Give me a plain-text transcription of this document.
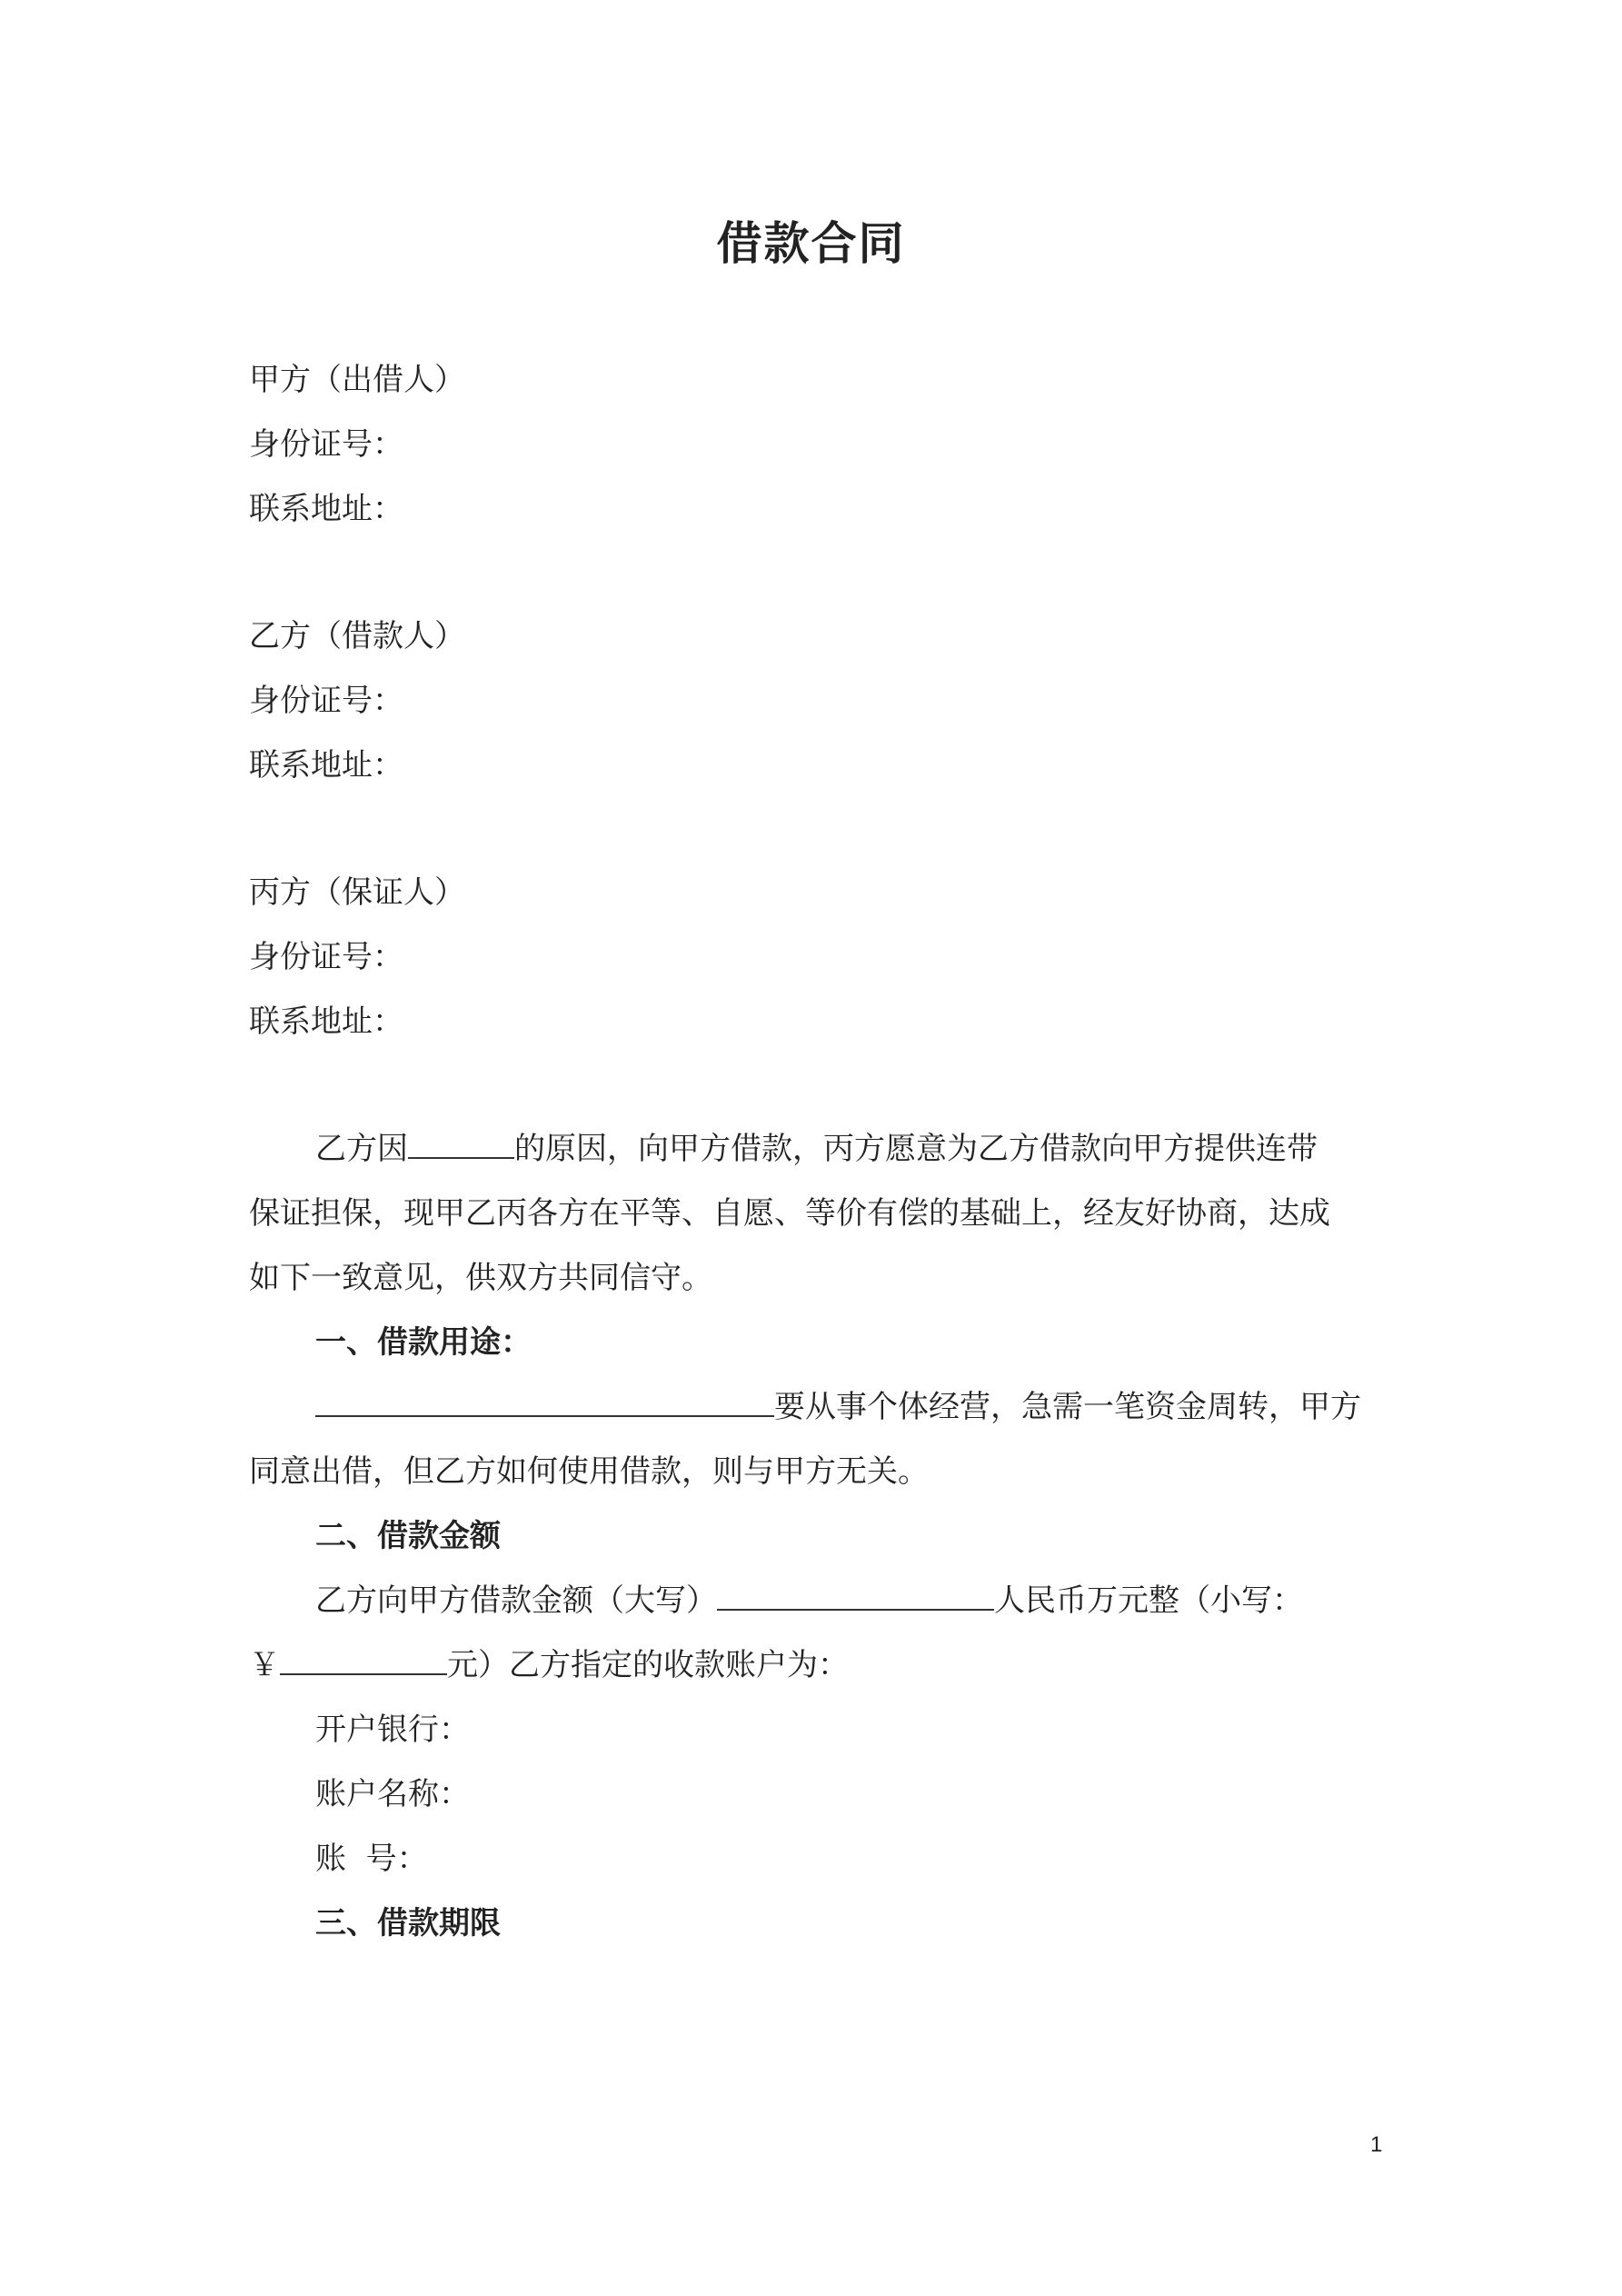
借款合同
甲方（出借人）
身份证号：
联系地址：
乙方（借款人）
身份证号：
联系地址：
丙方（保证人）
身份证号：
联系地址：
乙方因	的原因，向甲方借款，丙方愿意为乙方借款向甲方提供连带
保证担保，现甲乙丙各方在平等、自愿、等价有偿的基础上，经友好协商，达成
如下一致意见，供双方共同信守。
一、借款用途：
要从事个体经营，急需一笔资金周转，甲方
同意出借，但乙方如何使用借款，则与甲方无关。
二、借款金额
乙方向甲方借款金额（大写）	人民币万元整（小写：
￥	元）乙方指定的收款账户为：
开户银行：
账户名称：
账  号：
三、借款期限
1
